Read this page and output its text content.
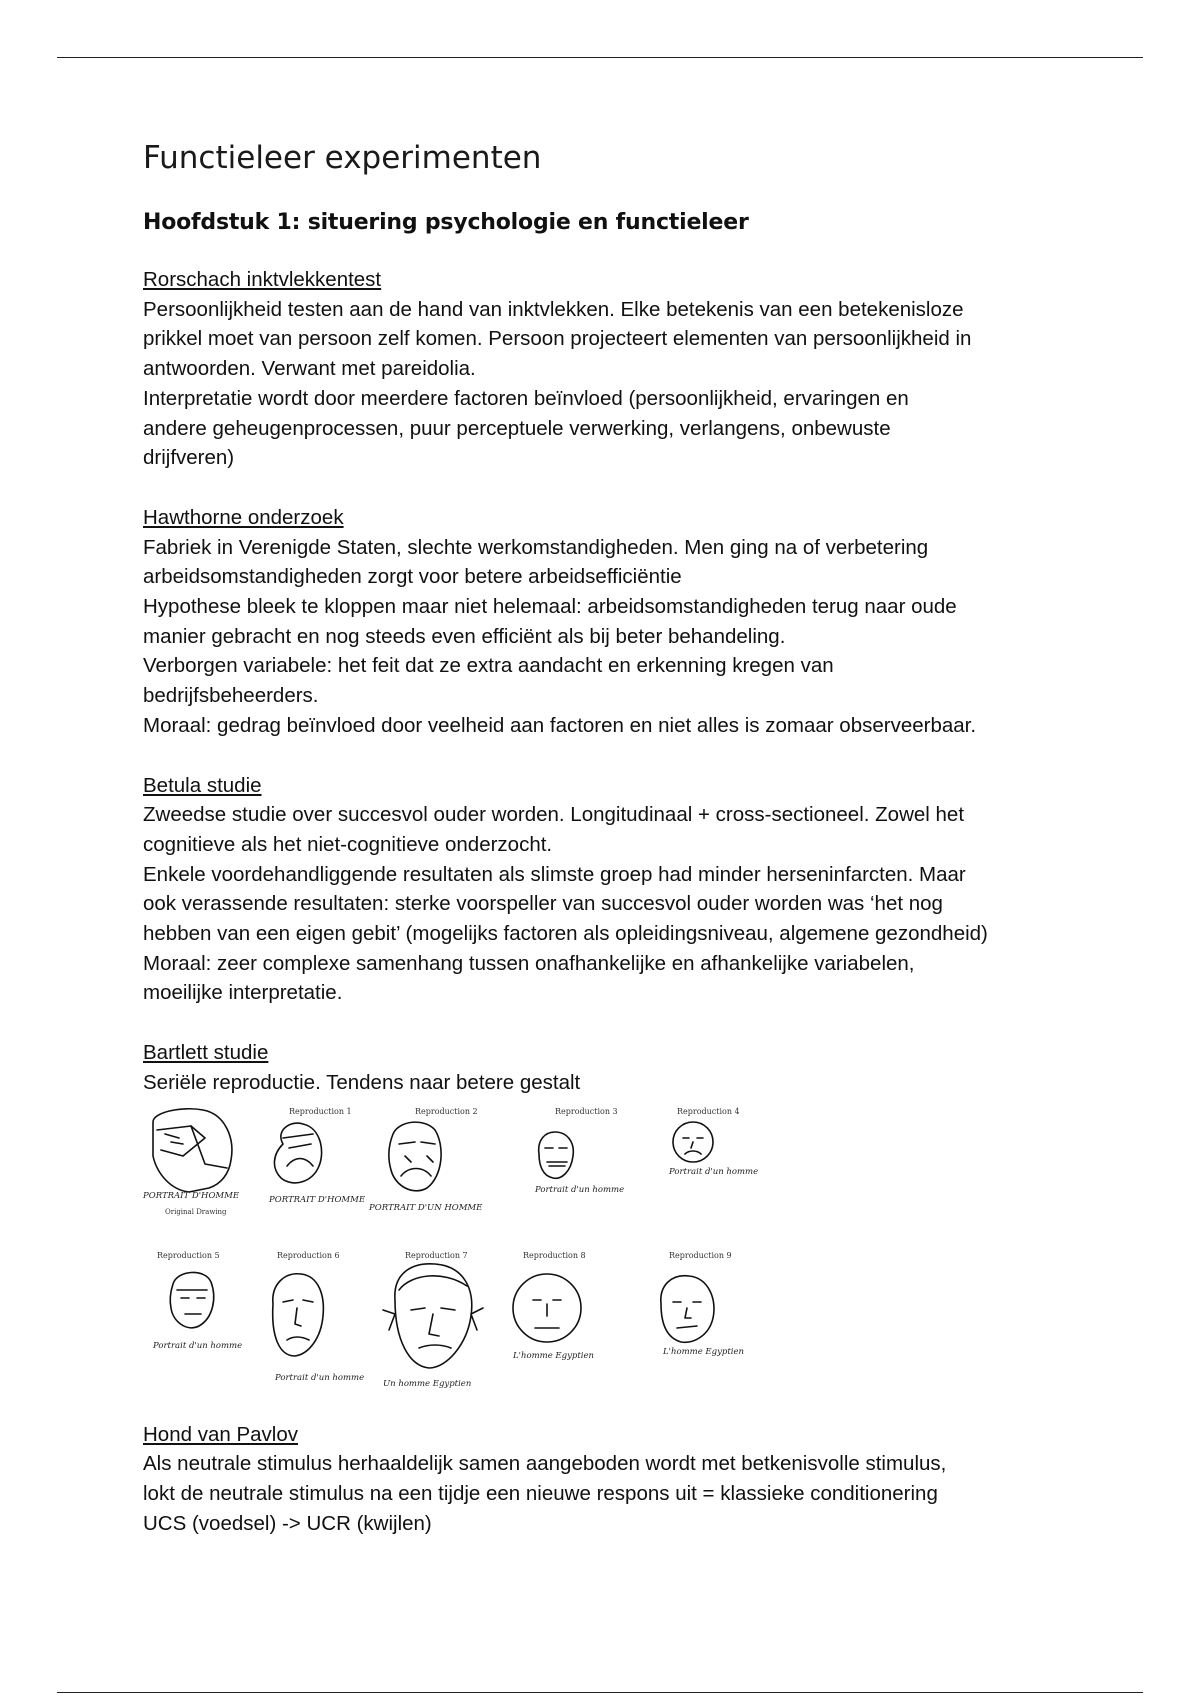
Functieleer experimenten
Hoofdstuk 1: situering psychologie en functieleer
Rorschach inktvlekkentest
Persoonlijkheid testen aan de hand van inktvlekken. Elke betekenis van een betekenisloze
prikkel moet van persoon zelf komen. Persoon projecteert elementen van persoonlijkheid in
antwoorden. Verwant met pareidolia.
Interpretatie wordt door meerdere factoren beïnvloed (persoonlijkheid, ervaringen en
andere geheugenprocessen, puur perceptuele verwerking, verlangens, onbewuste
drijfveren)
Hawthorne onderzoek
Fabriek in Verenigde Staten, slechte werkomstandigheden. Men ging na of verbetering
arbeidsomstandigheden zorgt voor betere arbeidsefficiëntie
Hypothese bleek te kloppen maar niet helemaal: arbeidsomstandigheden terug naar oude
manier gebracht en nog steeds even efficiënt als bij beter behandeling.
Verborgen variabele: het feit dat ze extra aandacht en erkenning kregen van
bedrijfsbeheerders.
Moraal: gedrag beïnvloed door veelheid aan factoren en niet alles is zomaar observeerbaar.
Betula studie
Zweedse studie over succesvol ouder worden. Longitudinaal + cross-sectioneel. Zowel het
cognitieve als het niet-cognitieve onderzocht.
Enkele voordehandliggende resultaten als slimste groep had minder herseninfarcten. Maar
ook verassende resultaten: sterke voorspeller van succesvol ouder worden was ‘het nog
hebben van een eigen gebit’ (mogelijks factoren als opleidingsniveau, algemene gezondheid)
Moraal: zeer complexe samenhang tussen onafhankelijke en afhankelijke variabelen,
moeilijke interpretatie.
Bartlett studie
Seriële reproductie. Tendens naar betere gestalt
PORTRAIT D'HOMME
Original Drawing
Reproduction 1
PORTRAIT D'HOMME
Reproduction 2
PORTRAIT D'UN HOMME
Reproduction 3
Portrait d'un homme
Reproduction 4
Portrait d'un homme
Reproduction 5
Portrait d'un homme
Reproduction 6
Portrait d'un homme
Reproduction 7
Un homme Egyptien
Reproduction 8
L'homme Egyptien
Reproduction 9
L'homme Egyptien
Hond van Pavlov
Als neutrale stimulus herhaaldelijk samen aangeboden wordt met betkenisvolle stimulus,
lokt de neutrale stimulus na een tijdje een nieuwe respons uit = klassieke conditionering
UCS (voedsel) -> UCR (kwijlen)
